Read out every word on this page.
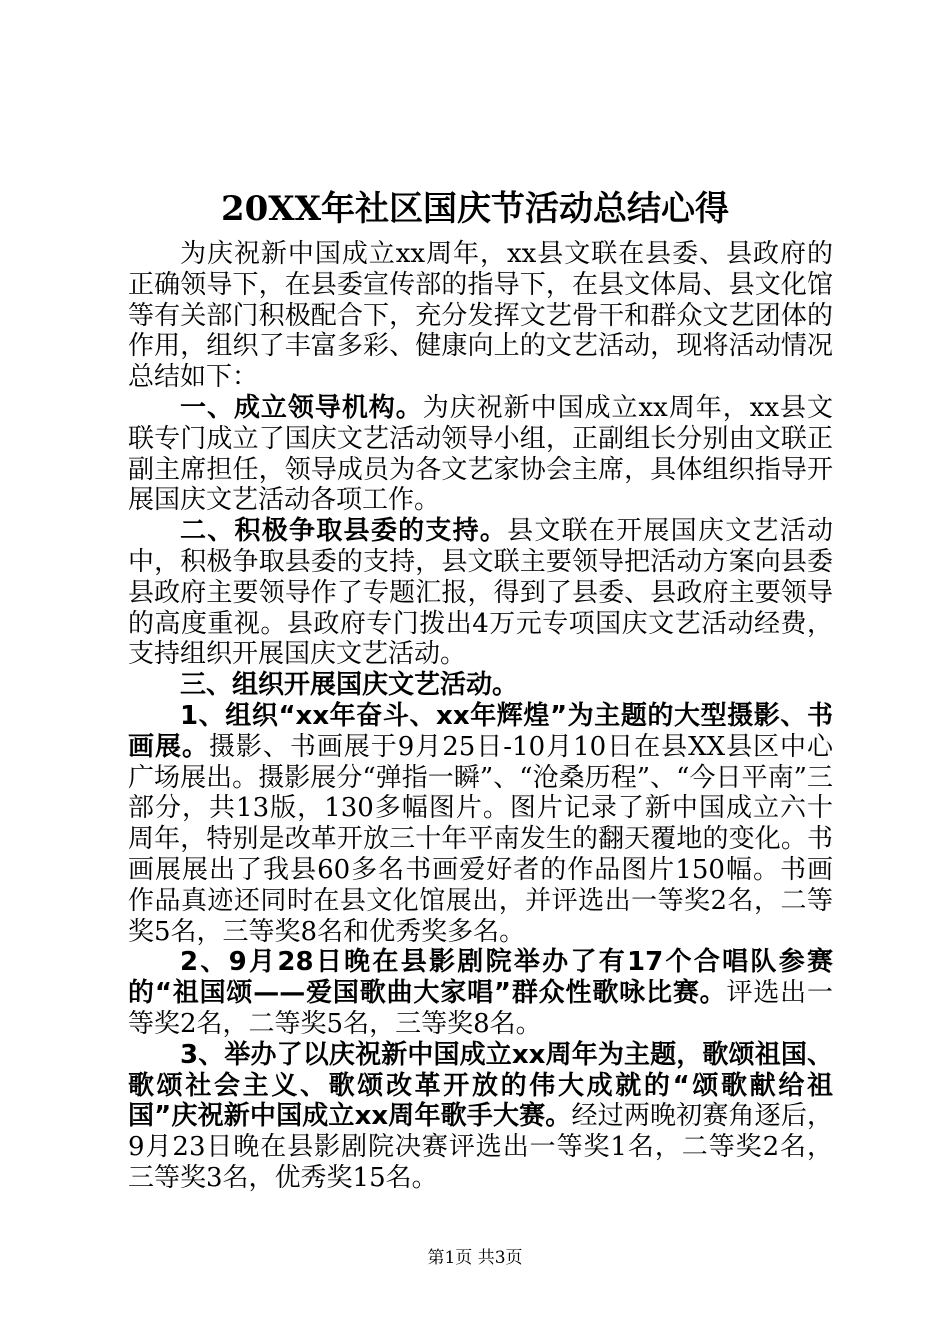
20XX年社区国庆节活动总结心得

为庆祝新中国成立xx周年，xx县文联在县委、县政府的正确领导下，在县委宣传部的指导下，在县文体局、县文化馆等有关部门积极配合下，充分发挥文艺骨干和群众文艺团体的作用，组织了丰富多彩、健康向上的文艺活动，现将活动情况总结如下：

一、成立领导机构。为庆祝新中国成立xx周年，xx县文联专门成立了国庆文艺活动领导小组，正副组长分别由文联正副主席担任，领导成员为各文艺家协会主席，具体组织指导开展国庆文艺活动各项工作。

二、积极争取县委的支持。县文联在开展国庆文艺活动中，积极争取县委的支持，县文联主要领导把活动方案向县委县政府主要领导作了专题汇报，得到了县委、县政府主要领导的高度重视。县政府专门拨出4万元专项国庆文艺活动经费，支持组织开展国庆文艺活动。

三、组织开展国庆文艺活动。

1、组织“xx年奋斗、xx年辉煌”为主题的大型摄影、书画展。摄影、书画展于9月25日-10月10日在县XX县区中心广场展出。摄影展分“弹指一瞬”、“沧桑历程”、“今日平南”三部分，共13版，130多幅图片。图片记录了新中国成立六十周年，特别是改革开放三十年平南发生的翻天覆地的变化。书画展展出了我县60多名书画爱好者的作品图片150幅。书画作品真迹还同时在县文化馆展出，并评选出一等奖2名，二等奖5名，三等奖8名和优秀奖多名。

2、9月28日晚在县影剧院举办了有17个合唱队参赛的“祖国颂——爱国歌曲大家唱”群众性歌咏比赛。评选出一等奖2名，二等奖5名，三等奖8名。

3、举办了以庆祝新中国成立xx周年为主题，歌颂祖国、歌颂社会主义、歌颂改革开放的伟大成就的“颂歌献给祖国”庆祝新中国成立xx周年歌手大赛。经过两晚初赛角逐后，9月23日晚在县影剧院决赛评选出一等奖1名，二等奖2名，三等奖3名，优秀奖15名。

第1页 共3页
